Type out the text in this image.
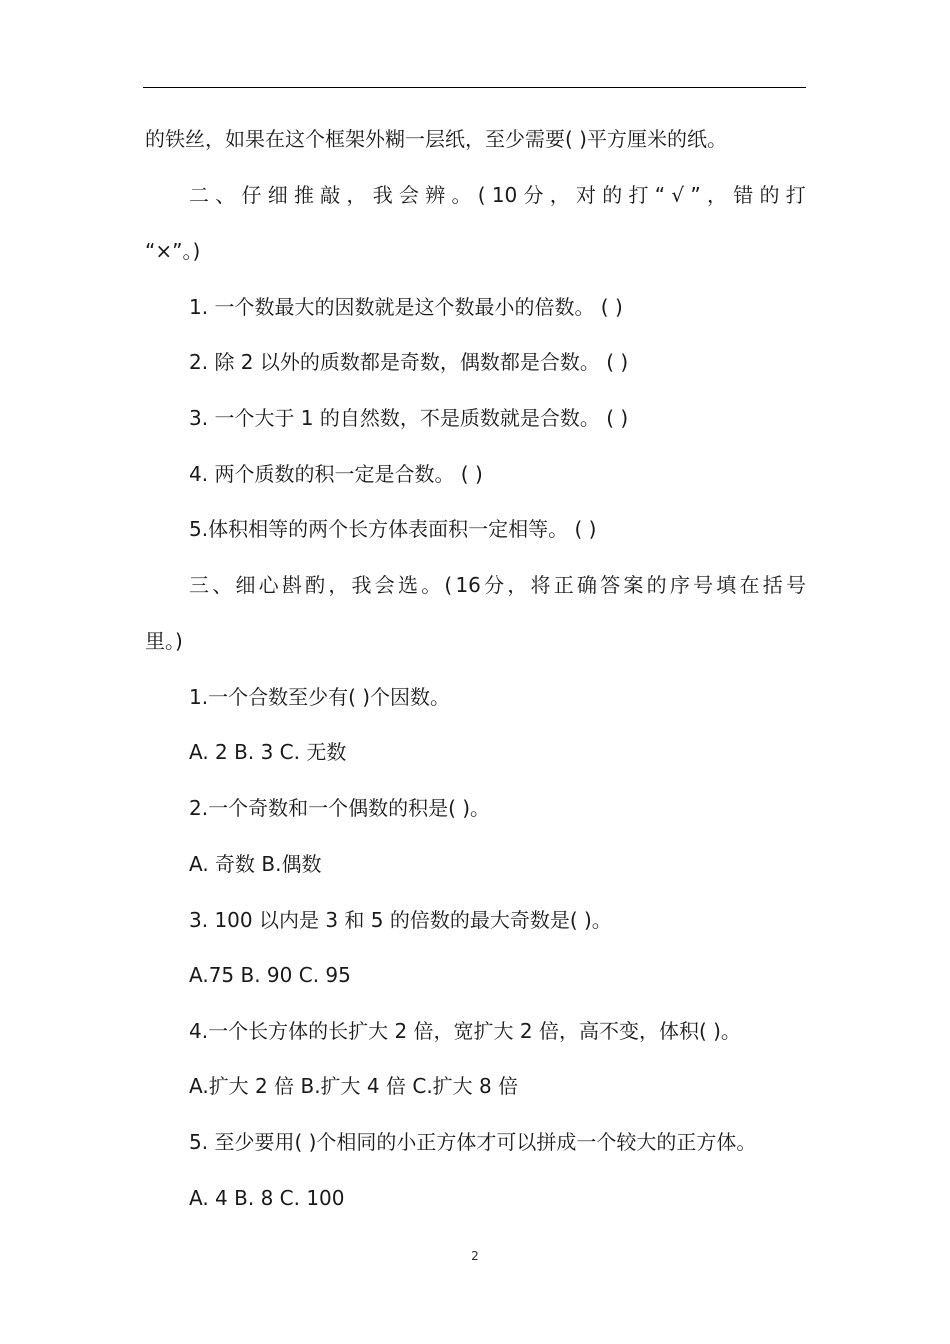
的铁丝，如果在这个框架外糊一层纸，至少需要( )平方厘米的纸。
二 、 仔 细 推 敲 ， 我 会 辨 。 ( 10 分 ， 对 的 打 “ √ ” ， 错 的 打
“×”。)
1. 一个数最大的因数就是这个数最小的倍数。 ( )
2. 除 2 以外的质数都是奇数，偶数都是合数。 ( )
3. 一个大于 1 的自然数，不是质数就是合数。 ( )
4. 两个质数的积一定是合数。 ( )
5.体积相等的两个长方体表面积一定相等。 ( )
三 、 细 心 斟 酌 ， 我 会 选 。 ( 16 分 ， 将 正 确 答 案 的 序 号 填 在 括 号
里。)
1.一个合数至少有( )个因数。
A. 2 B. 3 C. 无数
2.一个奇数和一个偶数的积是( )。
A. 奇数 B.偶数
3. 100 以内是 3 和 5 的倍数的最大奇数是( )。
A.75 B. 90 C. 95
4.一个长方体的长扩大 2 倍，宽扩大 2 倍，高不变，体积( )。
A.扩大 2 倍 B.扩大 4 倍 C.扩大 8 倍
5. 至少要用( )个相同的小正方体才可以拼成一个较大的正方体。
A. 4 B. 8 C. 100
2
